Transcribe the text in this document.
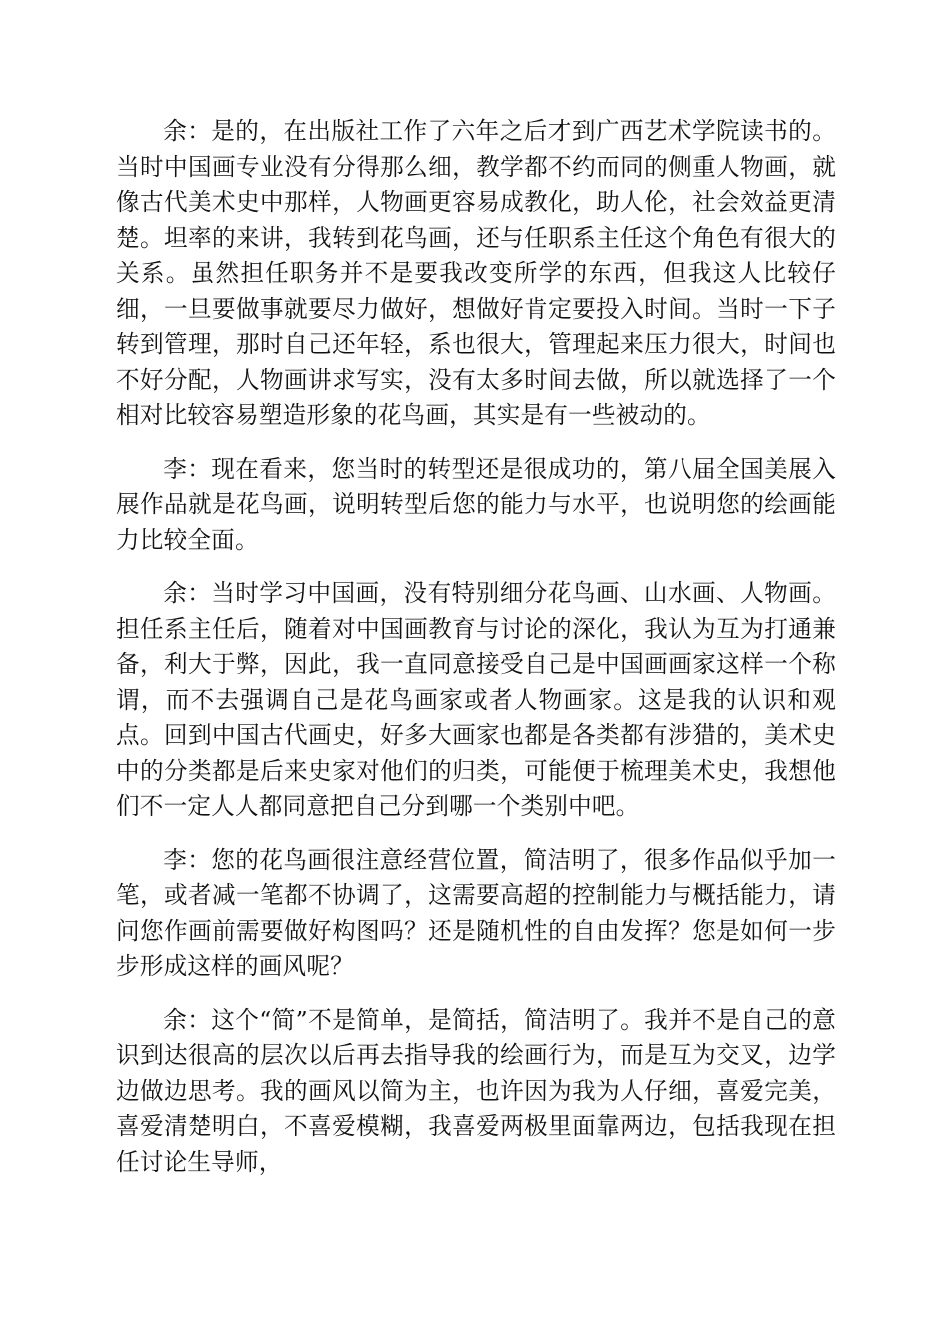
余：是的，在出版社工作了六年之后才到广西艺术学院读书的。当时中国画专业没有分得那么细，教学都不约而同的侧重人物画，就像古代美术史中那样，人物画更容易成教化，助人伦，社会效益更清楚。坦率的来讲，我转到花鸟画，还与任职系主任这个角色有很大的关系。虽然担任职务并不是要我改变所学的东西，但我这人比较仔细，一旦要做事就要尽力做好，想做好肯定要投入时间。当时一下子转到管理，那时自己还年轻，系也很大，管理起来压力很大，时间也不好分配，人物画讲求写实，没有太多时间去做，所以就选择了一个相对比较容易塑造形象的花鸟画，其实是有一些被动的。

李：现在看来，您当时的转型还是很成功的，第八届全国美展入展作品就是花鸟画，说明转型后您的能力与水平，也说明您的绘画能力比较全面。

余：当时学习中国画，没有特别细分花鸟画、山水画、人物画。担任系主任后，随着对中国画教育与讨论的深化，我认为互为打通兼备，利大于弊，因此，我一直同意接受自己是中国画画家这样一个称谓，而不去强调自己是花鸟画家或者人物画家。这是我的认识和观点。回到中国古代画史，好多大画家也都是各类都有涉猎的，美术史中的分类都是后来史家对他们的归类，可能便于梳理美术史，我想他们不一定人人都同意把自己分到哪一个类别中吧。

李：您的花鸟画很注意经营位置，简洁明了，很多作品似乎加一笔，或者减一笔都不协调了，这需要高超的控制能力与概括能力，请问您作画前需要做好构图吗？还是随机性的自由发挥？您是如何一步步形成这样的画风呢？

余：这个“简”不是简单，是简括，简洁明了。我并不是自己的意识到达很高的层次以后再去指导我的绘画行为，而是互为交叉，边学边做边思考。我的画风以简为主，也许因为我为人仔细，喜爱完美，喜爱清楚明白，不喜爱模糊，我喜爱两极里面靠两边，包括我现在担任讨论生导师，
